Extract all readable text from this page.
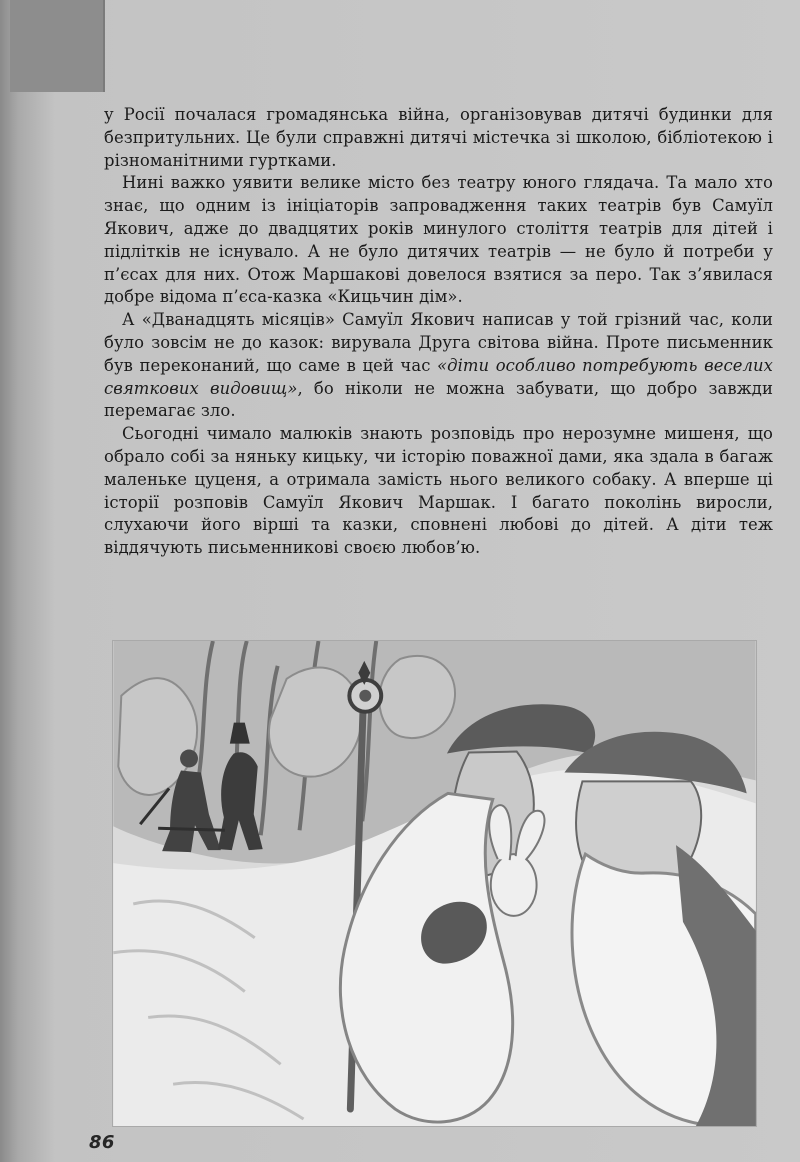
у Росії почалася громадянська війна, організовував дитячі будинки для безпритульних. Це були справжні дитячі містечка зі школою, бібліотекою і різноманітними гуртками.

Нині важко уявити велике місто без театру юного глядача. Та мало хто знає, що одним із ініціаторів запровадження таких театрів був Самуїл Якович, адже до двадцятих років минулого століття театрів для дітей і підлітків не існувало. А не було дитячих театрів — не було й потреби у п’єсах для них. Отож Маршакові довелося взятися за перо. Так з’явилася добре відома п’єса-казка «Кицьчин дім».

А «Дванадцять місяців» Самуїл Якович написав у той грізний час, коли було зовсім не до казок: вирувала Друга світова війна. Проте письменник був переконаний, що саме в цей час «діти особливо потребують веселих святкових видовищ», бо ніколи не можна забувати, що добро завжди перемагає зло.

Сьогодні чимало малюків знають розповідь про нерозумне мишеня, що обрало собі за няньку кицьку, чи історію поважної дами, яка здала в багаж маленьке цуценя, а отримала замість нього великого собаку. А вперше ці історії розповів Самуїл Якович Маршак. І багато поколінь виросли, слухаючи його вірші та казки, сповнені любові до дітей. А діти теж віддячують письменникові своєю любов’ю.

86
